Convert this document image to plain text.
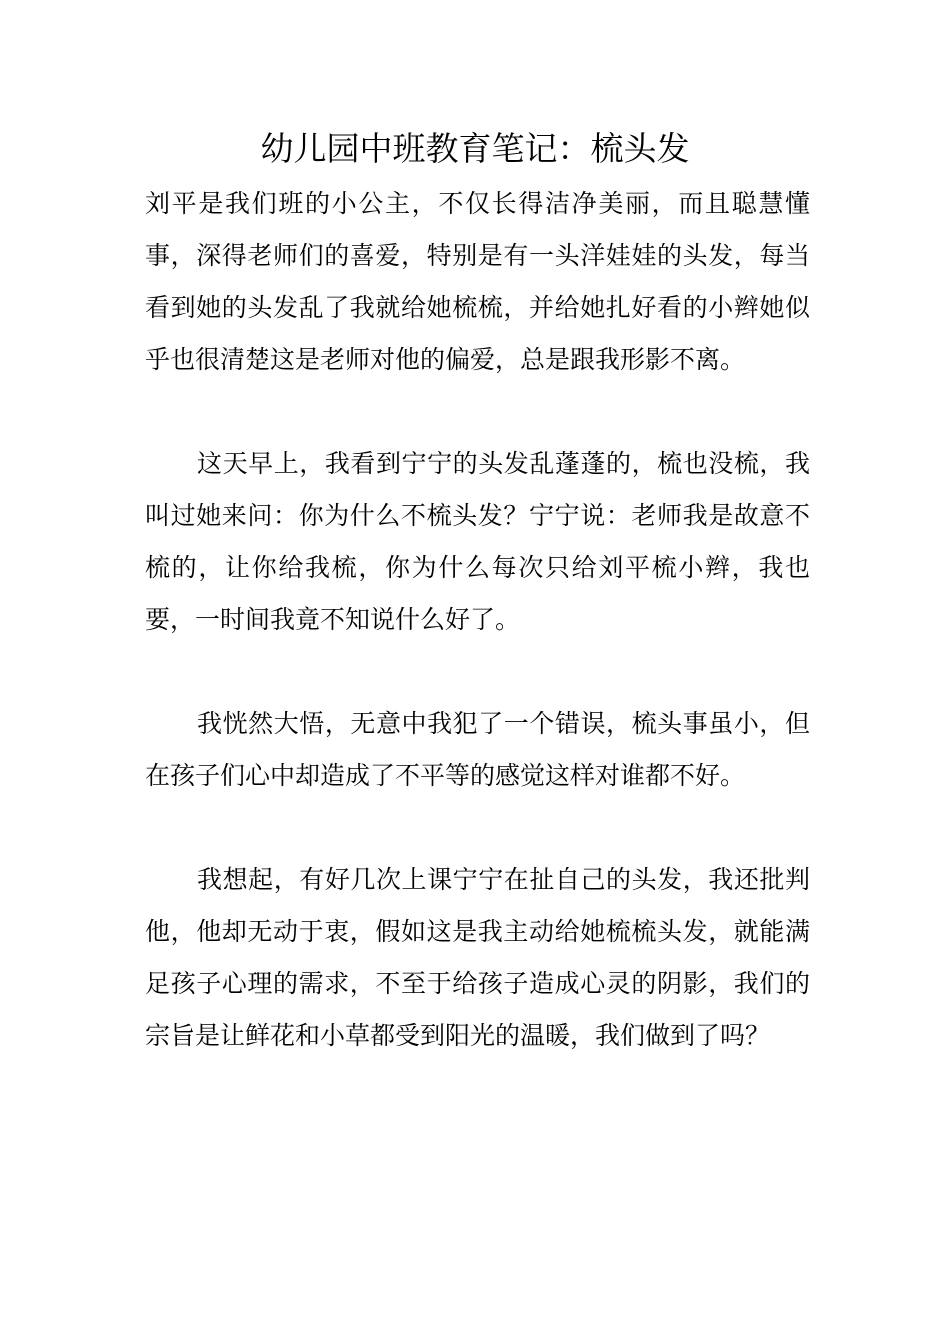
幼儿园中班教育笔记：梳头发

刘平是我们班的小公主，不仅长得洁净美丽，而且聪慧懂事，深得老师们的喜爱，特别是有一头洋娃娃的头发，每当看到她的头发乱了我就给她梳梳，并给她扎好看的小辫她似乎也很清楚这是老师对他的偏爱，总是跟我形影不离。

这天早上，我看到宁宁的头发乱蓬蓬的，梳也没梳，我叫过她来问：你为什么不梳头发？宁宁说：老师我是故意不梳的，让你给我梳，你为什么每次只给刘平梳小辫，我也要，一时间我竟不知说什么好了。

我恍然大悟，无意中我犯了一个错误，梳头事虽小，但在孩子们心中却造成了不平等的感觉这样对谁都不好。

我想起，有好几次上课宁宁在扯自己的头发，我还批判他，他却无动于衷，假如这是我主动给她梳梳头发，就能满足孩子心理的需求，不至于给孩子造成心灵的阴影，我们的宗旨是让鲜花和小草都受到阳光的温暖，我们做到了吗？
